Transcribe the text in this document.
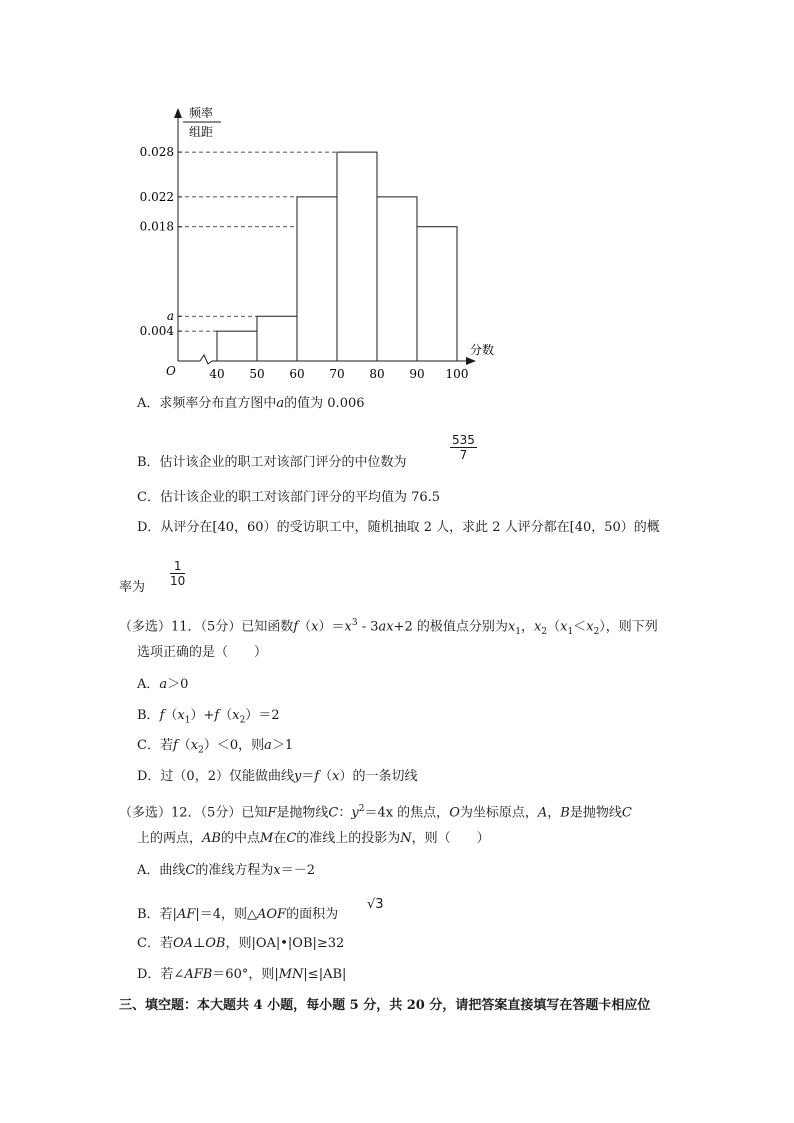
频率
组距
分数
O
0.004
a
0.018
0.022
0.028
40 50 60 70 80 90 100
A．求频率分布直方图中a的值为 0.006
B．估计该企业的职工对该部门评分的中位数为
$\frac{535}{7}$
C．估计该企业的职工对该部门评分的平均值为 76.5
D．从评分在[40，60）的受访职工中，随机抽取 2 人，求此 2 人评分都在[40，50）的概
率为 $\frac{1}{10}$
（多选）11．（5分）已知函数$f(x)=x^3 - 3ax+2$ 的极值点分别为$x_1$，$x_2(x_1<x_2)$，则下列
选项正确的是（　　）
A．a＞0
B．$f(x_1)+f(x_2)=2$
C．若$f(x_2)<0$，则a＞1
D．过（0，2）仅能做曲线y＝f（x）的一条切线
（多选）12．（5分）已知F是抛物线C：$y^2=4x$ 的焦点，O为坐标原点，A，B是抛物线C
上的两点，AB的中点M在C的准线上的投影为N，则（　　）
A．曲线C的准线方程为x＝－2
B．若|AF|＝4，则△AOF的面积为
√3
C．若OA⊥OB，则|OA|•|OB|≥32
D．若∠AFB＝60°，则|MN|≤|AB|
三、填空题：本大题共 4 小题，每小题 5 分，共 20 分，请把答案直接填写在答题卡相应位
